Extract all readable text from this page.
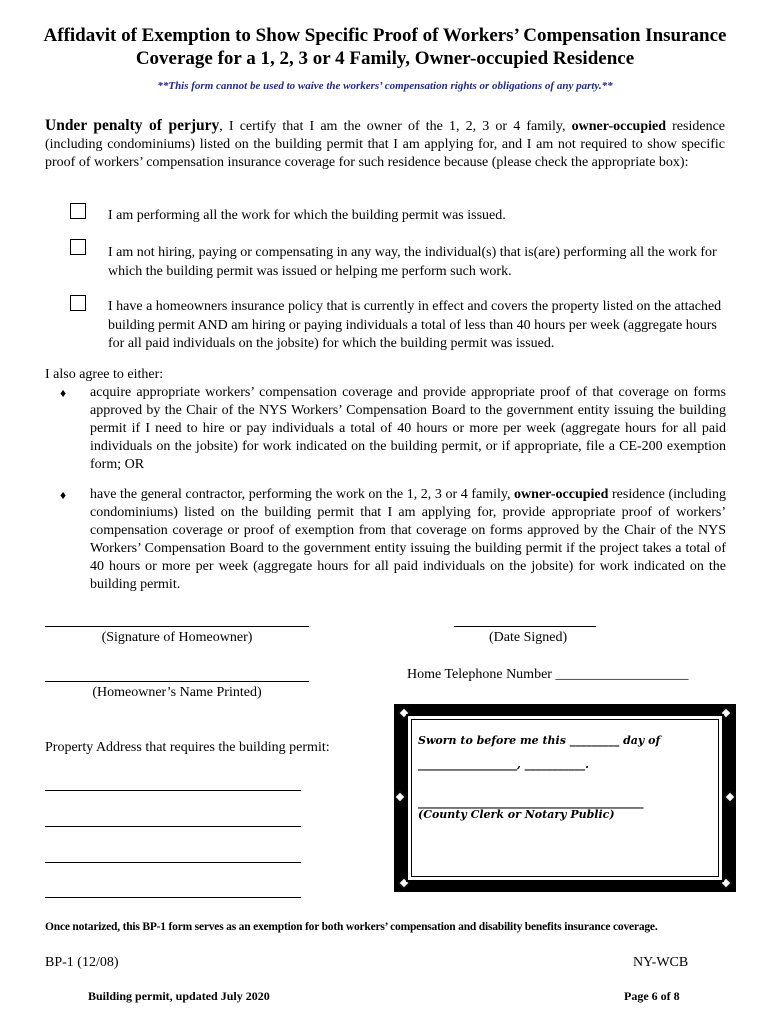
Affidavit of Exemption to Show Specific Proof of Workers’ Compensation Insurance
Coverage for a 1, 2, 3 or 4 Family, Owner-occupied Residence
**This form cannot be used to waive the workers’ compensation rights or obligations of any party.**
Under penalty of perjury, I certify that I am the owner of the 1, 2, 3 or 4 family, owner-occupied residence (including condominiums) listed on the building permit that I am applying for, and I am not required to show specific proof of workers’ compensation insurance coverage for such residence because (please check the appropriate box):
I am performing all the work for which the building permit was issued.
I am not hiring, paying or compensating in any way, the individual(s) that is(are) performing all the work for which the building permit was issued or helping me perform such work.
I have a homeowners insurance policy that is currently in effect and covers the property listed on the attached building permit AND am hiring or paying individuals a total of less than 40 hours per week (aggregate hours for all paid individuals on the jobsite) for which the building permit was issued.
I also agree to either:
♦ acquire appropriate workers’ compensation coverage and provide appropriate proof of that coverage on forms approved by the Chair of the NYS Workers’ Compensation Board to the government entity issuing the building permit if I need to hire or pay individuals a total of 40 hours or more per week (aggregate hours for all paid individuals on the jobsite) for work indicated on the building permit, or if appropriate, file a CE-200 exemption form; OR
♦ have the general contractor, performing the work on the 1, 2, 3 or 4 family, owner-occupied residence (including condominiums) listed on the building permit that I am applying for, provide appropriate proof of workers’ compensation coverage or proof of exemption from that coverage on forms approved by the Chair of the NYS Workers’ Compensation Board to the government entity issuing the building permit if the project takes a total of 40 hours or more per week (aggregate hours for all paid individuals on the jobsite) for work indicated on the building permit.
(Signature of Homeowner)	(Date Signed)
(Homeowner’s Name Printed)
Home Telephone Number ___________________
Property Address that requires the building permit:	Sworn to before me this _________ day of
__________________, ___________.
_________________________________________
(County Clerk or Notary Public)
Once notarized, this BP-1 form serves as an exemption for both workers’ compensation and disability benefits insurance coverage.
BP-1 (12/08)	NY-WCB
Building permit, updated July 2020	Page 6 of 8
